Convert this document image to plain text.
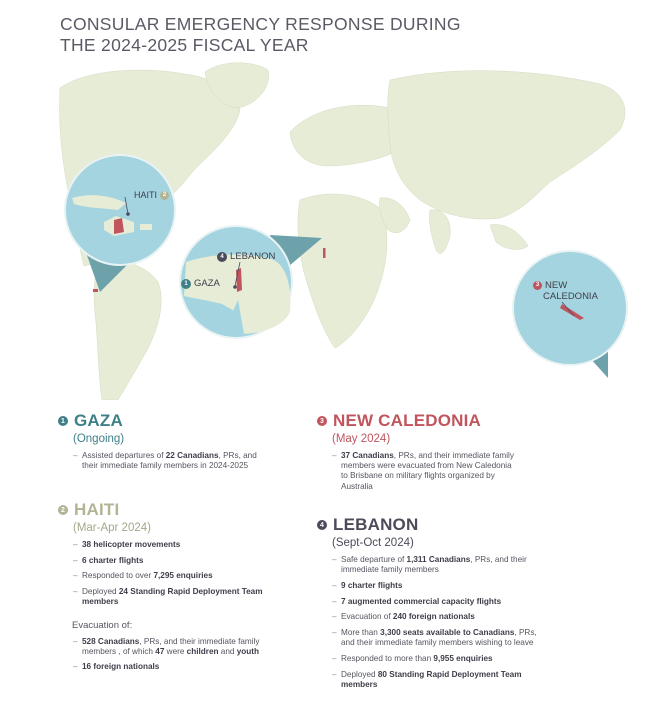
CONSULAR EMERGENCY RESPONSE DURING
THE 2024-2025 FISCAL YEAR
HAITI 2
4 LEBANON
1 GAZA	3 NEW
CALEDONIA
1 GAZA
(Ongoing)
– Assisted departures of 22 Canadians, PRs, and their immediate family members in 2024-2025
2 HAITI
(Mar-Apr 2024)
– 38 helicopter movements
– 6 charter flights
– Responded to over 7,295 enquiries
– Deployed 24 Standing Rapid Deployment Team members
Evacuation of:
– 528 Canadians, PRs, and their immediate family members , of which 47 were children and youth
– 16 foreign nationals
3 NEW CALEDONIA
(May 2024)
– 37 Canadians, PRs, and their immediate family members were evacuated from New Caledonia to Brisbane on military flights organized by Australia
4 LEBANON
(Sept-Oct 2024)
– Safe departure of 1,311 Canadians, PRs, and their immediate family members
– 9 charter flights
– 7 augmented commercial capacity flights
– Evacuation of 240 foreign nationals
– More than 3,300 seats available to Canadians, PRs, and their immediate family members wishing to leave
– Responded to more than 9,955 enquiries
– Deployed 80 Standing Rapid Deployment Team members
